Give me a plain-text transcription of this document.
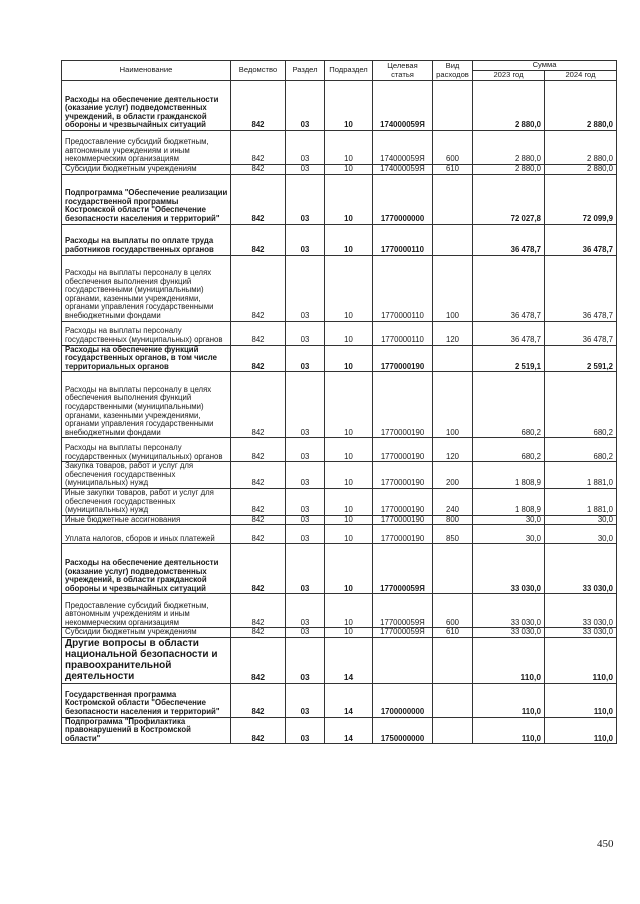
Наименование	Ведомство	Раздел	Подраздел	Целевая статья	Вид расходов	Сумма	
						2023 год	2024 год
Расходы на обеспечение деятельности (оказание услуг) подведомственных учреждений, в области гражданской обороны и чрезвычайных ситуаций	842	03	10	174000059Я		2 880,0	2 880,0
Предоставление субсидий бюджетным, автономным учреждениям и иным некоммерческим организациям	842	03	10	174000059Я	600	2 880,0	2 880,0
Субсидии бюджетным учреждениям	842	03	10	174000059Я	610	2 880,0	2 880,0
Подпрограмма "Обеспечение реализации государственной программы Костромской области "Обеспечение безопасности населения и территорий"	842	03	10	1770000000		72 027,8	72 099,9
Расходы на выплаты по оплате труда работников государственных органов	842	03	10	1770000110		36 478,7	36 478,7
Расходы на выплаты персоналу в целях обеспечения выполнения функций государственными (муниципальными) органами, казенными учреждениями, органами управления государственными внебюджетными фондами	842	03	10	1770000110	100	36 478,7	36 478,7
Расходы на выплаты персоналу государственных (муниципальных) органов	842	03	10	1770000110	120	36 478,7	36 478,7
Расходы на обеспечение функций государственных органов, в том числе территориальных органов	842	03	10	1770000190		2 519,1	2 591,2
Расходы на выплаты персоналу в целях обеспечения выполнения функций государственными (муниципальными) органами, казенными учреждениями, органами управления государственными внебюджетными фондами	842	03	10	1770000190	100	680,2	680,2
Расходы на выплаты персоналу государственных (муниципальных) органов	842	03	10	1770000190	120	680,2	680,2
Закупка товаров, работ и услуг для обеспечения государственных (муниципальных) нужд	842	03	10	1770000190	200	1 808,9	1 881,0
Иные закупки товаров, работ и услуг для обеспечения государственных (муниципальных) нужд	842	03	10	1770000190	240	1 808,9	1 881,0
Иные бюджетные ассигнования	842	03	10	1770000190	800	30,0	30,0
Уплата налогов, сборов и иных платежей	842	03	10	1770000190	850	30,0	30,0
Расходы на обеспечение деятельности (оказание услуг) подведомственных учреждений, в области гражданской обороны и чрезвычайных ситуаций	842	03	10	177000059Я		33 030,0	33 030,0
Предоставление субсидий бюджетным, автономным учреждениям и иным некоммерческим организациям	842	03	10	177000059Я	600	33 030,0	33 030,0
Субсидии бюджетным учреждениям	842	03	10	177000059Я	610	33 030,0	33 030,0
Другие вопросы в области национальной безопасности и правоохранительной деятельности	842	03	14			110,0	110,0
Государственная программа Костромской области "Обеспечение безопасности населения и территорий"	842	03	14	1700000000		110,0	110,0
Подпрограмма "Профилактика правонарушений в Костромской области"	842	03	14	1750000000		110,0	110,0
450
